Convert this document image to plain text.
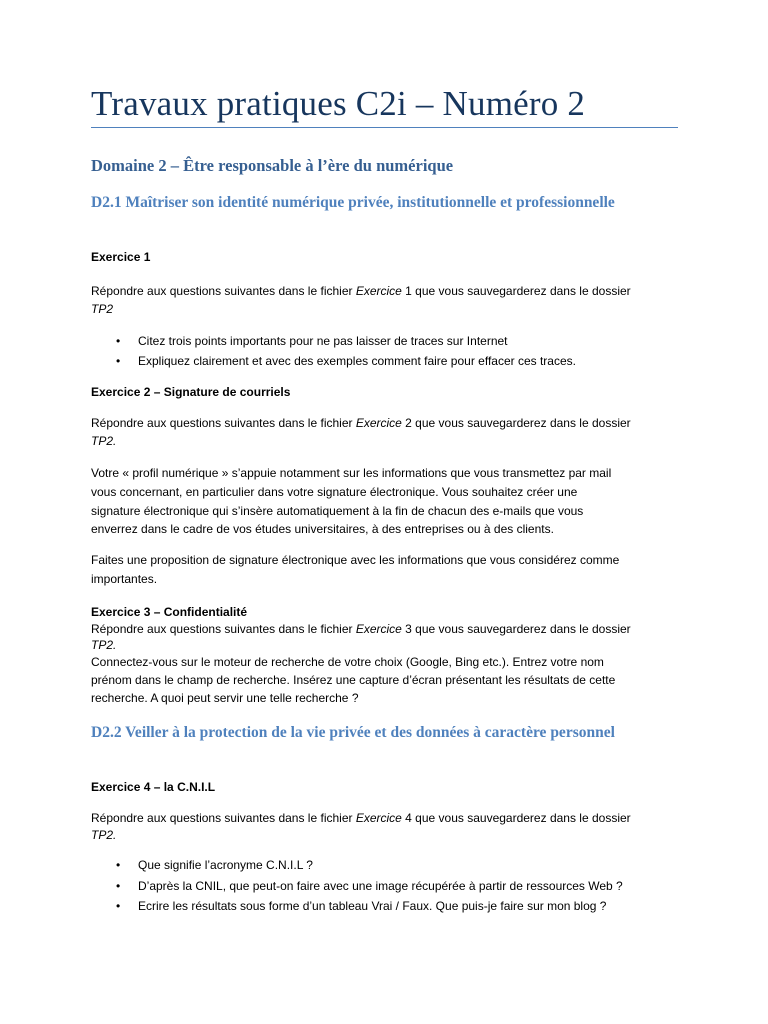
Travaux pratiques C2i – Numéro 2
Domaine 2 – Être responsable à l’ère du numérique
D2.1 Maîtriser son identité numérique privée, institutionnelle et professionnelle
Exercice 1
Répondre aux questions suivantes dans le fichier Exercice 1 que vous sauvegarderez dans le dossier
TP2
• Citez trois points importants pour ne pas laisser de traces sur Internet
• Expliquez clairement et avec des exemples comment faire pour effacer ces traces.
Exercice 2 – Signature de courriels
Répondre aux questions suivantes dans le fichier Exercice 2 que vous sauvegarderez dans le dossier
TP2.
Votre « profil numérique » s’appuie notamment sur les informations que vous transmettez par mail
vous concernant, en particulier dans votre signature électronique. Vous souhaitez créer une
signature électronique qui s’insère automatiquement à la fin de chacun des e-mails que vous
enverrez dans le cadre de vos études universitaires, à des entreprises ou à des clients.
Faites une proposition de signature électronique avec les informations que vous considérez comme
importantes.
Exercice 3 – Confidentialité
Répondre aux questions suivantes dans le fichier Exercice 3 que vous sauvegarderez dans le dossier
TP2.
Connectez-vous sur le moteur de recherche de votre choix (Google, Bing etc.). Entrez votre nom
prénom dans le champ de recherche. Insérez une capture d’écran présentant les résultats de cette
recherche. A quoi peut servir une telle recherche ?
D2.2 Veiller à la protection de la vie privée et des données à caractère personnel
Exercice 4 – la C.N.I.L
Répondre aux questions suivantes dans le fichier Exercice 4 que vous sauvegarderez dans le dossier
TP2.
• Que signifie l’acronyme C.N.I.L ?
• D’après la CNIL, que peut-on faire avec une image récupérée à partir de ressources Web ?
• Ecrire les résultats sous forme d’un tableau Vrai / Faux. Que puis-je faire sur mon blog ?
